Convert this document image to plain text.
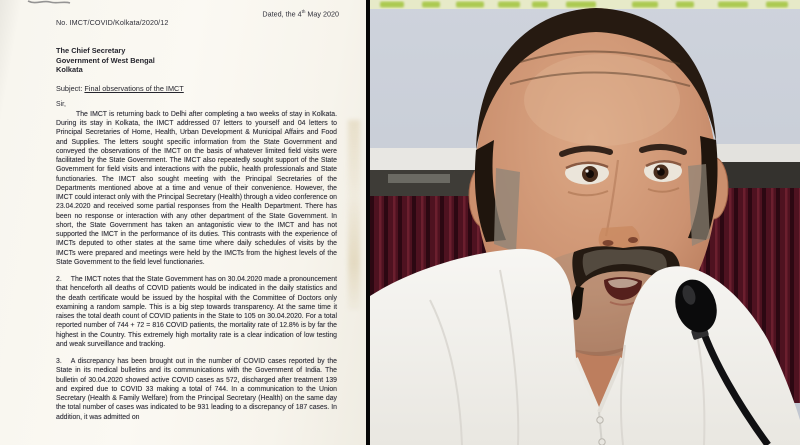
No. IMCT/COVID/Kolkata/2020/12
Dated, the 4th May 2020
The Chief Secretary
Government of West Bengal
Kolkata
Subject: Final observations of the IMCT
Sir,

The IMCT is returning back to Delhi after completing a two weeks of stay in Kolkata. During its stay in Kolkata, the IMCT addressed 07 letters to yourself and 04 letters to Principal Secretaries of Home, Health, Urban Development & Municipal Affairs and Food and Supplies. The letters sought specific information from the State Government and conveyed the observations of the IMCT on the basis of whatever limited field visits were facilitated by the State Government. The IMCT also repeatedly sought support of the State Government for field visits and interactions with the public, health professionals and State functionaries. The IMCT also sought meeting with the Principal Secretaries of the Departments mentioned above at a time and venue of their convenience. However, the IMCT could interact only with the Principal Secretary (Health) through a video conference on 23.04.2020 and received some partial responses from the Health Department. There has been no response or interaction with any other department of the State Government. In short, the State Government has taken an antagonistic view to the IMCT and has not supported the IMCT in the performance of its duties. This contrasts with the experience of IMCTs deputed to other states at the same time where daily schedules of visits by the IMCTs were prepared and meetings were held by the IMCTs from the highest levels of the State Government to the field level functionaries.

2. The IMCT notes that the State Government has on 30.04.2020 made a pronouncement that henceforth all deaths of COVID patients would be indicated in the daily statistics and the death certificate would be issued by the hospital with the Committee of Doctors only examining a random sample. This is a big step towards transparency. At the same time it raises the total death count of COVID patients in the State to 105 on 30.04.2020. For a total reported number of 744 + 72 = 816 COVID patients, the mortality rate of 12.8% is by far the highest in the Country. This extremely high mortality rate is a clear indication of low testing and weak surveillance and tracking.

3. A discrepancy has been brought out in the number of COVID cases reported by the State in its medical bulletins and its communications with the Government of India. The bulletin of 30.04.2020 showed active COVID cases as 572, discharged after treatment 139 and expired due to COVID 33 making a total of 744. In a communication to the Union Secretary (Health & Family Welfare) from the Principal Secretary (Health) on the same day the total number of cases was indicated to be 931 leading to a discrepancy of 187 cases. In addition, it was admitted on
